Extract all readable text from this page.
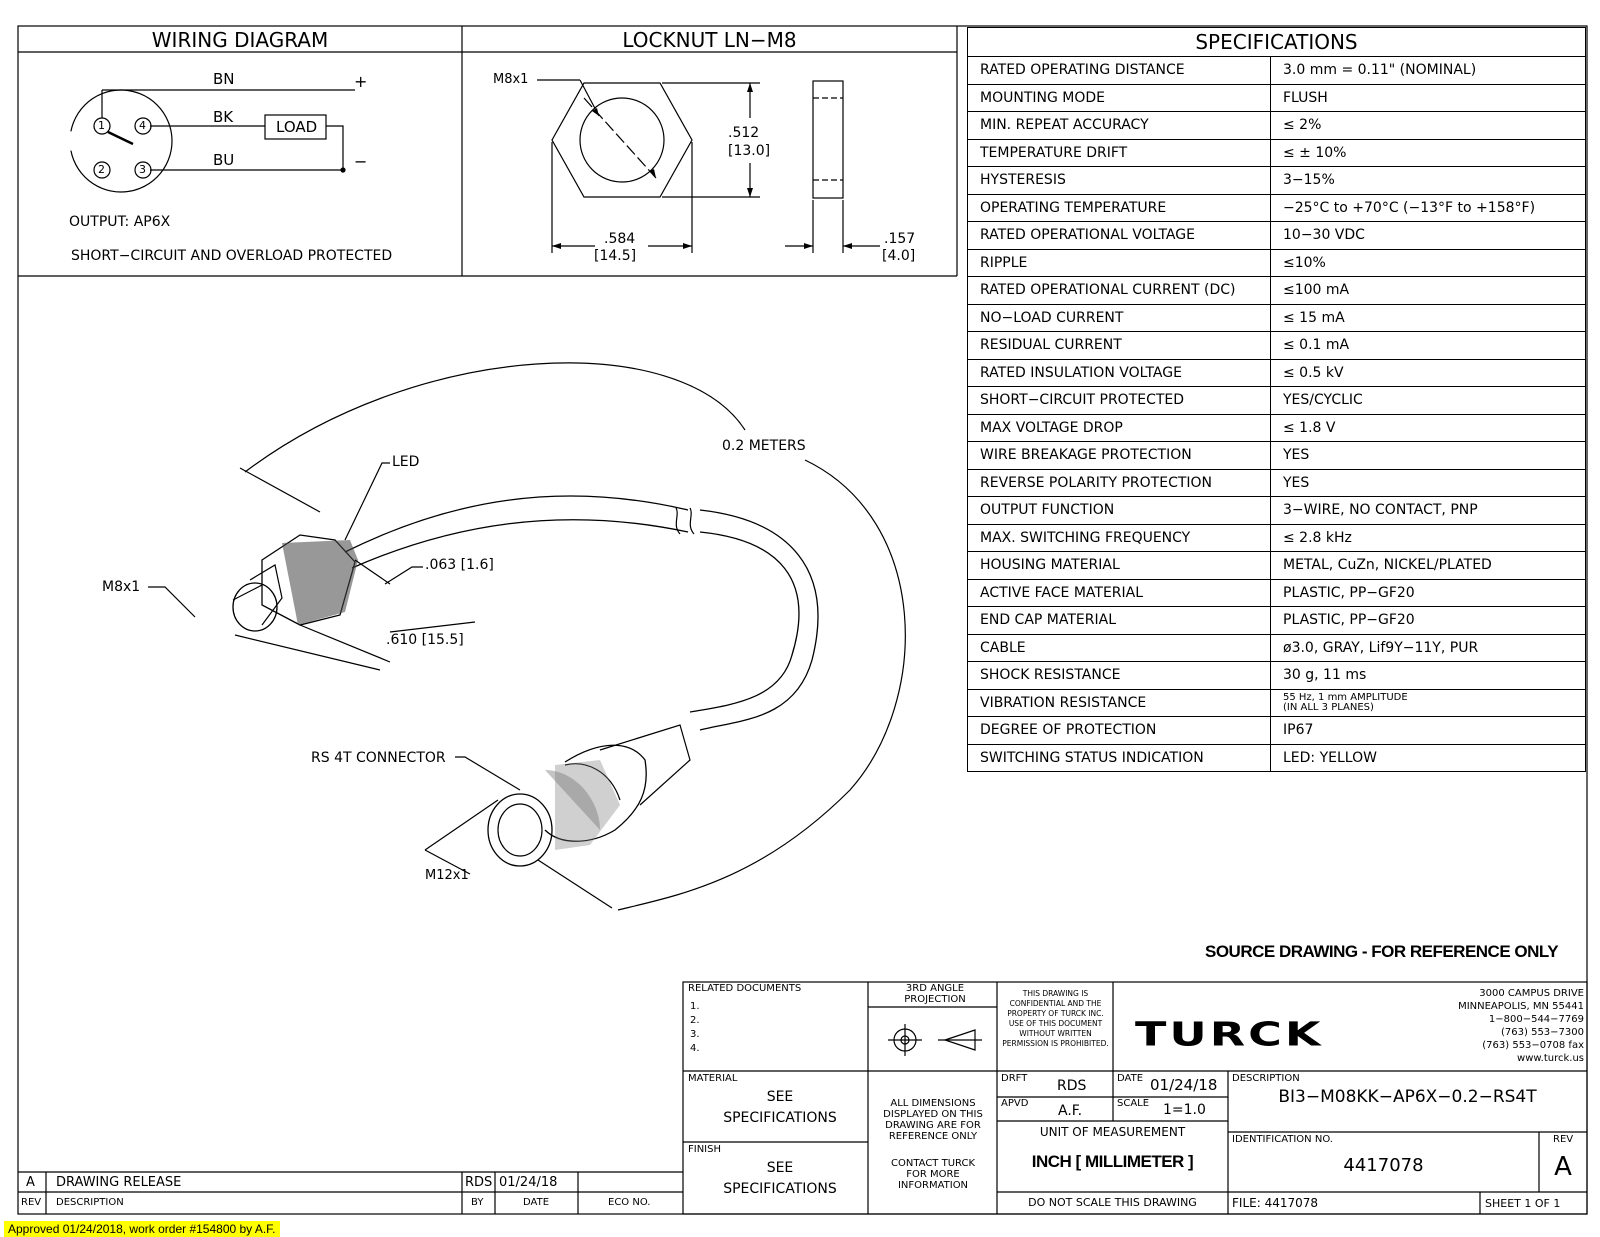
TURCK
WIRING DIAGRAM
BN	+
BK
LOAD
BU	−
1
2	3
4
OUTPUT: AP6X
SHORT−CIRCUIT AND OVERLOAD PROTECTED
LOCKNUT LN−M8
M8x1
.512
[13.0]
.584
[14.5]
.157
[4.0]
SPECIFICATIONS	
RATED OPERATING DISTANCE	3.0 mm = 0.11" (NOMINAL)
MOUNTING MODE	FLUSH
MIN. REPEAT ACCURACY	≤ 2%
TEMPERATURE DRIFT	≤ ± 10%
HYSTERESIS	3−15%
OPERATING TEMPERATURE	−25°C to +70°C (−13°F to +158°F)
RATED OPERATIONAL VOLTAGE	10−30 VDC
RIPPLE	≤10%
RATED OPERATIONAL CURRENT (DC)	≤100 mA
NO−LOAD CURRENT	≤ 15 mA
RESIDUAL CURRENT	≤ 0.1 mA
RATED INSULATION VOLTAGE	≤ 0.5 kV
SHORT−CIRCUIT PROTECTED	YES/CYCLIC
MAX VOLTAGE DROP	≤ 1.8 V
WIRE BREAKAGE PROTECTION	YES
REVERSE POLARITY PROTECTION	YES
OUTPUT FUNCTION	3−WIRE, NO CONTACT, PNP
MAX. SWITCHING FREQUENCY	≤ 2.8 kHz
HOUSING MATERIAL	METAL, CuZn, NICKEL/PLATED
ACTIVE FACE MATERIAL	PLASTIC, PP−GF20
END CAP MATERIAL	PLASTIC, PP−GF20
CABLE	ø3.0, GRAY, Lif9Y−11Y, PUR
SHOCK RESISTANCE	30 g, 11 ms
VIBRATION RESISTANCE	55 Hz, 1 mm AMPLITUDE
(IN ALL 3 PLANES)
DEGREE OF PROTECTION	IP67
SWITCHING STATUS INDICATION	LED: YELLOW
LED
0.2 METERS
M8x1
.063 [1.6]
.610 [15.5]
RS 4T CONNECTOR
M12x1
SOURCE DRAWING - FOR REFERENCE ONLY
RELATED DOCUMENTS
1.
2.
3.
4.
3RD ANGLE PROJECTION
THIS DRAWING IS CONFIDENTIAL AND THE PROPERTY OF TURCK INC. USE OF THIS DOCUMENT WITHOUT WRITTEN PERMISSION IS PROHIBITED.
3000 CAMPUS DRIVE
MINNEAPOLIS, MN 55441
1−800−544−7769
(763) 553−7300
(763) 553−0708 fax
www.turck.us
MATERIAL
SEE SPECIFICATIONS
FINISH
SEE SPECIFICATIONS
ALL DIMENSIONS DISPLAYED ON THIS DRAWING ARE FOR REFERENCE ONLY
CONTACT TURCK FOR MORE INFORMATION
DRFT RDS	DATE 01/24/18
APVD A.F.	SCALE 1=1.0
UNIT OF MEASUREMENT
INCH [ MILLIMETER ]
DO NOT SCALE THIS DRAWING
DESCRIPTION
BI3−M08KK−AP6X−0.2−RS4T
IDENTIFICATION NO.
4417078
REV
A
FILE: 4417078	SHEET 1 OF 1
A DRAWING RELEASE	RDS 01/24/18
REV DESCRIPTION	BY	DATE	ECO NO.
Approved 01/24/2018, work order #154800 by A.F.
